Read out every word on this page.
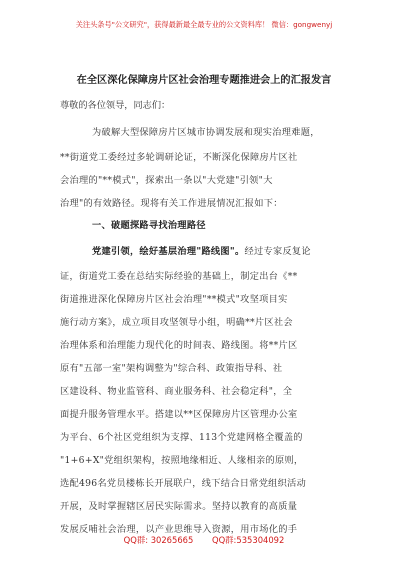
关注头条号"公文研究"，获得最新最全最专业的公文资料库！ 微信：gongwenyj
在全区深化保障房片区社会治理专题推进会上的汇报发言
尊敬的各位领导，同志们：
为破解大型保障房片区城市协调发展和现实治理难题，
**街道党工委经过多轮调研论证，不断深化保障房片区社
会治理的"**模式"，探索出一条以"大党建"引领"大
治理"的有效路径。现将有关工作进展情况汇报如下：
一、破题探路寻找治理路径
党建引领，绘好基层治理"路线图"。经过专家反复论
证，街道党工委在总结实际经验的基础上，制定出台《**
街道推进深化保障房片区社会治理"**模式"攻坚项目实
施行动方案》，成立项目攻坚领导小组，明确**片区社会
治理体系和治理能力现代化的时间表、路线图。将**片区
原有"五部一室"架构调整为"综合科、政策指导科、社
区建设科、物业监管科、商业服务科、社会稳定科"，全
面提升服务管理水平。搭建以**区保障房片区管理办公室
为平台、6个社区党组织为支撑、113个党建网格全覆盖的
"1+6+X"党组织架构，按照地缘相近、人缘相亲的原则，
选配496名党员楼栋长开展联户，线下结合日常党组织活动
开展，及时掌握辖区居民实际需求。坚持以教育的高质量
发展反哺社会治理，以产业思维导入资源，用市场化的手
QQ群: 30265665 QQ群:535304092
